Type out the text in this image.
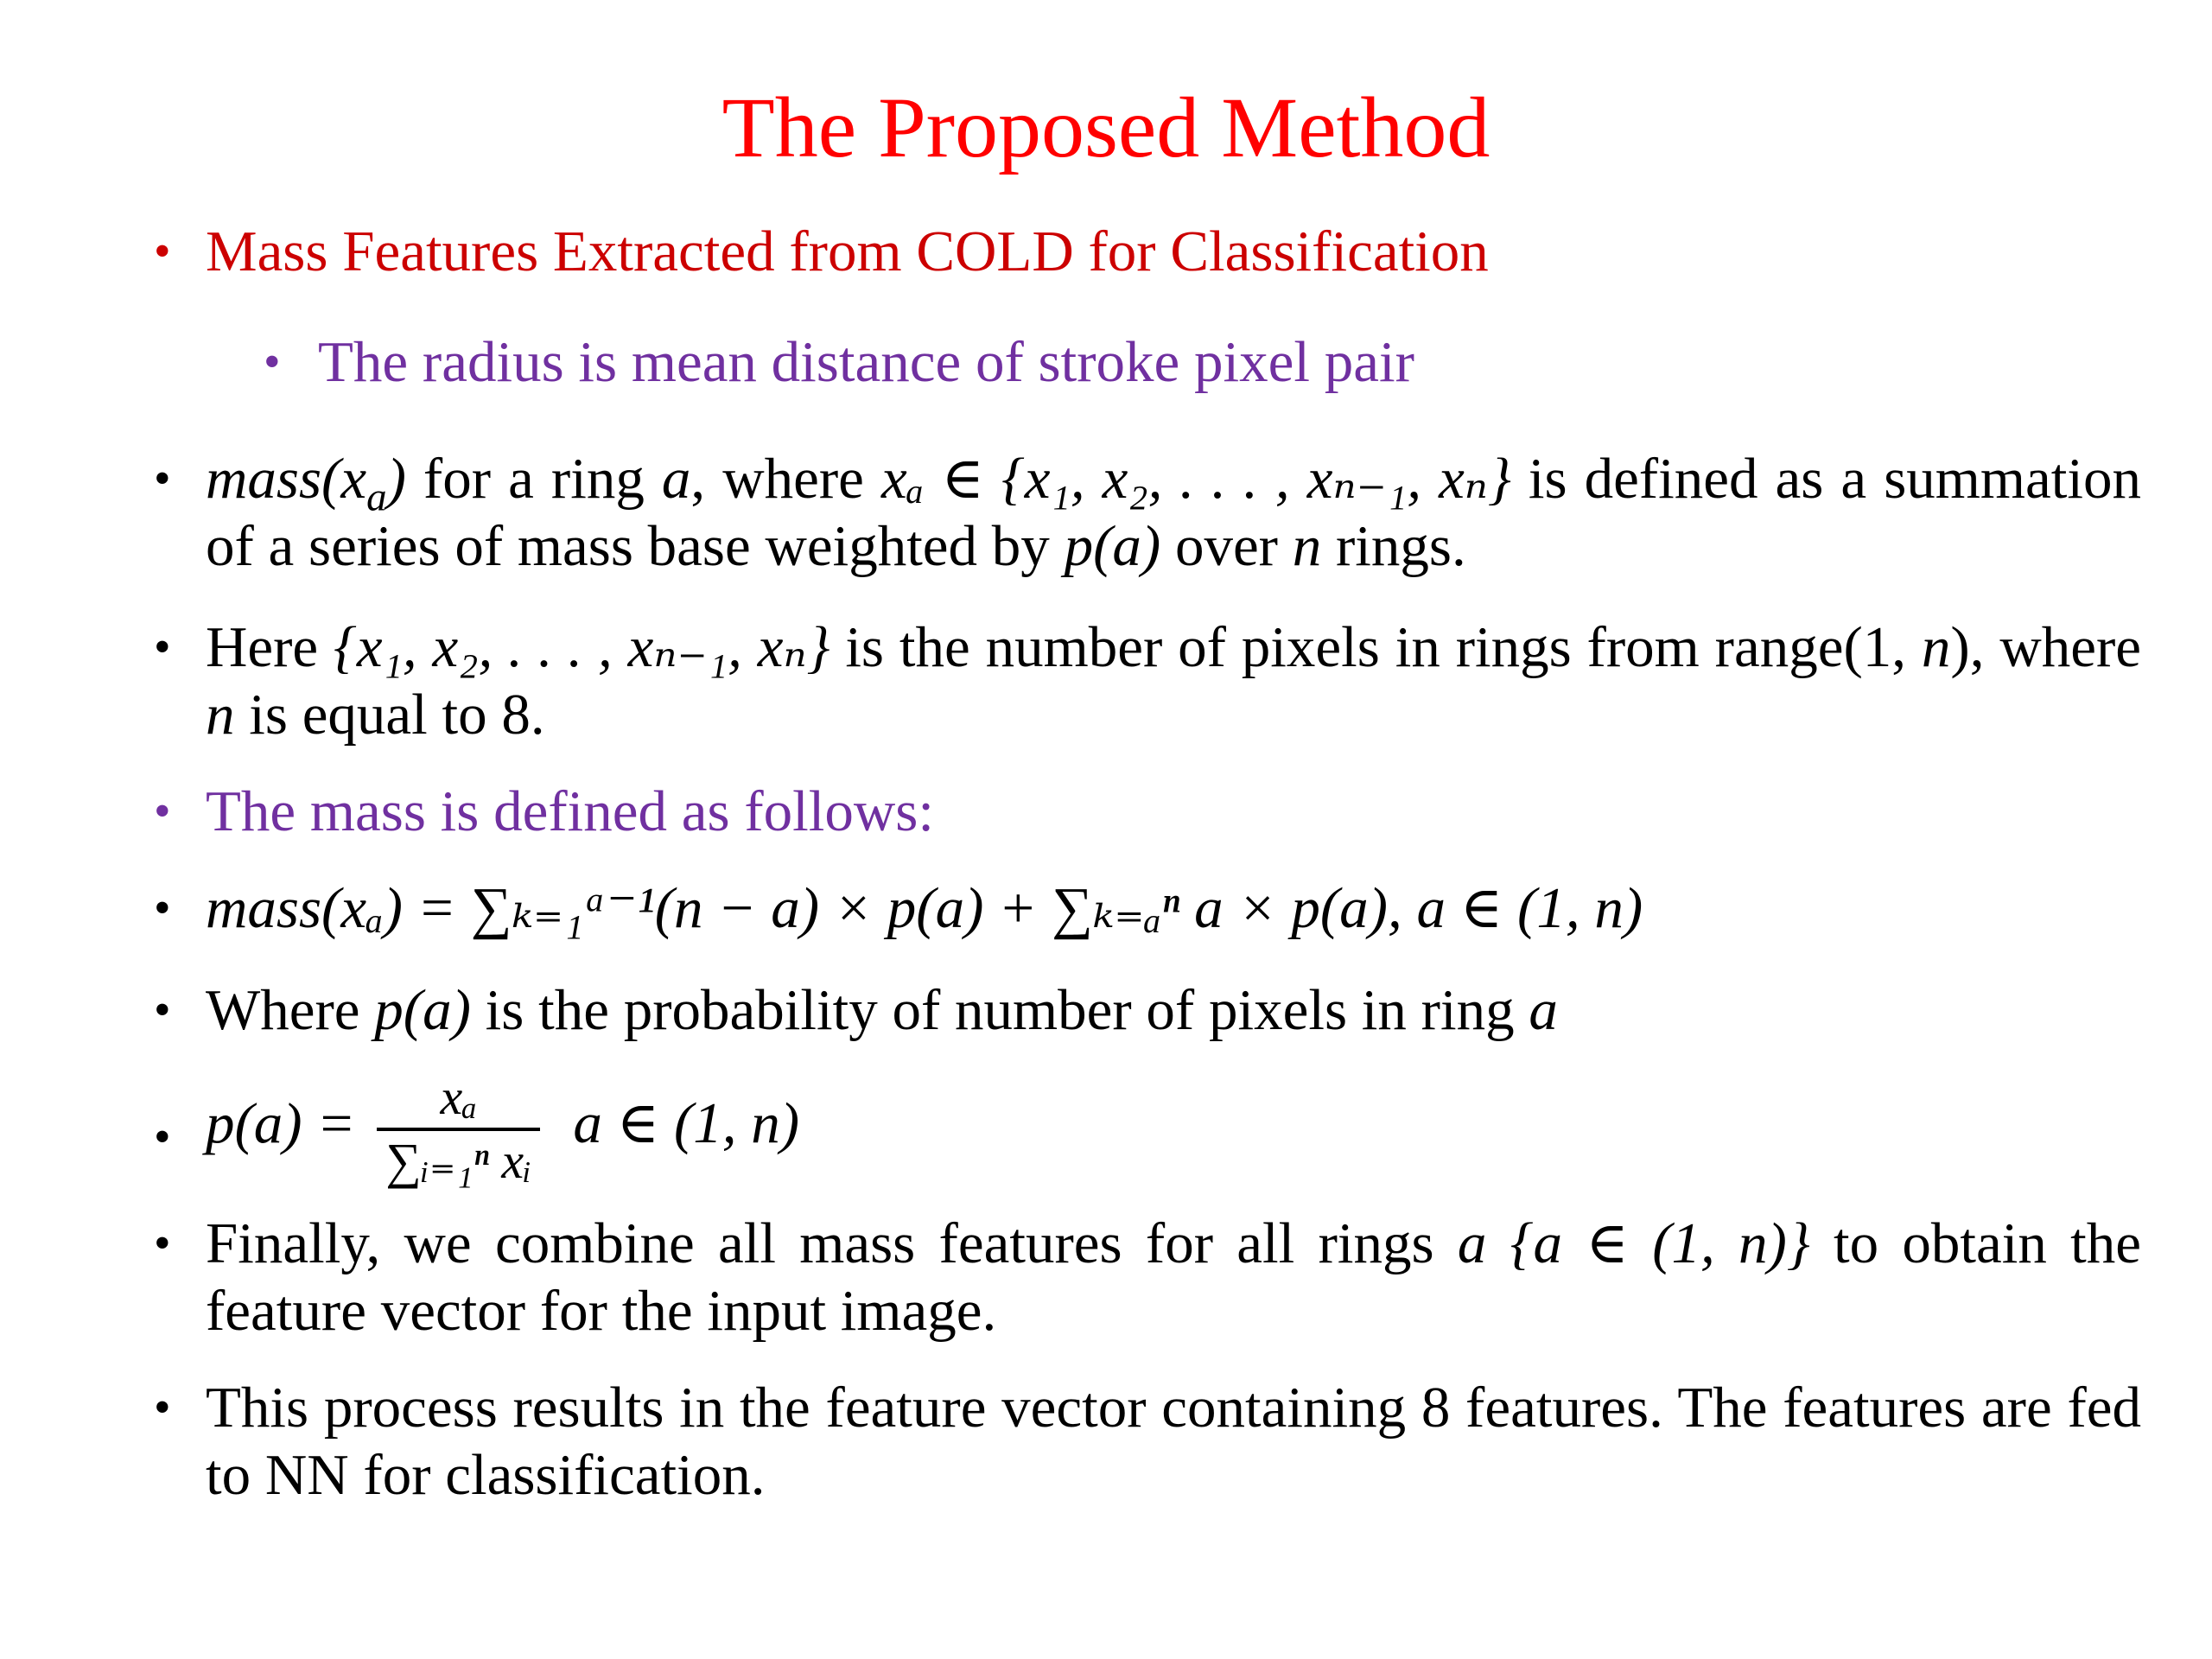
The Proposed Method
• Mass Features Extracted from COLD for Classification
• The radius is mean distance of stroke pixel pair
• $mass(x_a)$ for a ring a, where xₐ ∈ {x₁, x₂, . . . , xₙ₋₁, xₙ} is defined as a summation of a series of mass base weighted by p(a) over n rings.
• Here {x₁, x₂, . . . , xₙ₋₁, xₙ} is the number of pixels in rings from range(1, n), where n is equal to 8.
• The mass is defined as follows:
• mass(xₐ) = ∑ₖ₌₁ᵃ⁻¹(n − a) × p(a) + ∑ₖ₌ₐⁿ a × p(a), a ∈ (1, n)
• Where p(a) is the probability of number of pixels in ring a
• $p(a) = \frac{\text{xₐ}}{\text{∑ᵢ₌₁ⁿ xᵢ}}$ a ∈ (1, n)
• Finally, we combine all mass features for all rings a {a ∈ (1, n)} to obtain the feature vector for the input image.
• This process results in the feature vector containing 8 features. The features are fed to NN for classification.
